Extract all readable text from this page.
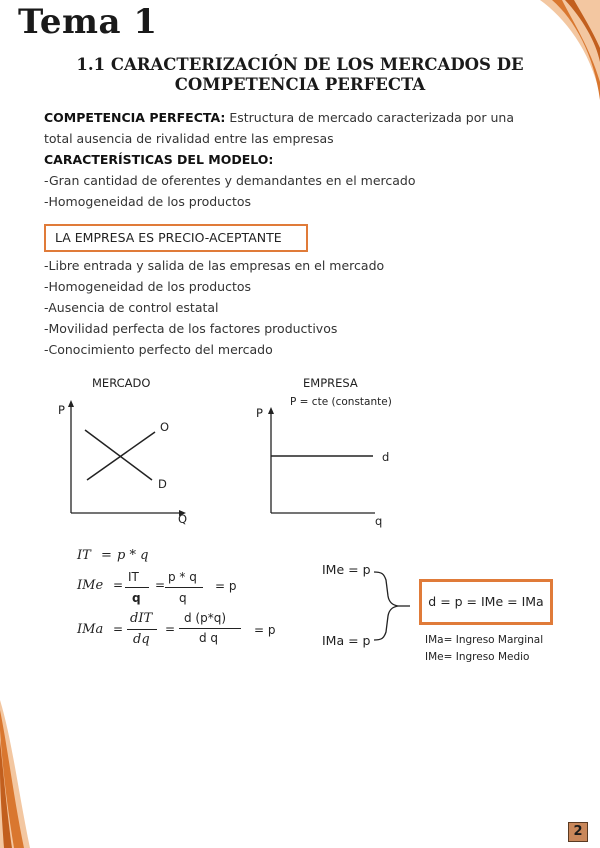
Tema 1
1.1 CARACTERIZACIÓN DE LOS MERCADOS DE COMPETENCIA PERFECTA
COMPETENCIA PERFECTA: Estructura de mercado caracterizada por una
total ausencia de rivalidad entre las empresas
CARACTERÍSTICAS DEL MODELO:
-Gran cantidad de oferentes y demandantes en el mercado
-Homogeneidad de los productos
LA EMPRESA ES PRECIO-ACEPTANTE
-Libre entrada y salida de las empresas en el mercado
-Homogeneidad de los productos
-Ausencia de control estatal
-Movilidad perfecta de los factores productivos
-Conocimiento perfecto del mercado
MERCADO
P
Q
O
D
EMPRESA
P = cte (constante)
P
q
d
IT = p * q
IMe =
IT
q
=
p * q
q
= p
IMa =
dIT
dq
=
d (p*q)
d q
= p
IMe = p
IMa = p
d = p = IMe = IMa
IMa= Ingreso Marginal
IMe= Ingreso Medio
2
